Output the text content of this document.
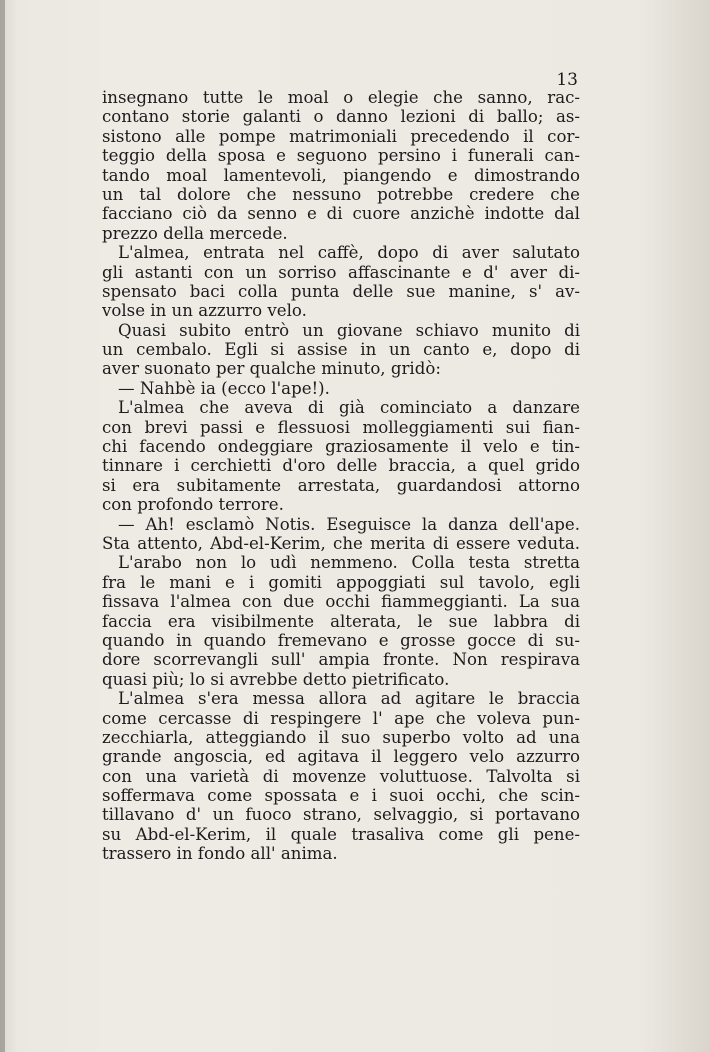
13
insegnano tutte le moal o elegie che sanno, rac-
contano storie galanti o danno lezioni di ballo; as-
sistono alle pompe matrimoniali precedendo il cor-
teggio della sposa e seguono persino i funerali can-
tando moal lamentevoli, piangendo e dimostrando
un tal dolore che nessuno potrebbe credere che
facciano ciò da senno e di cuore anzichè indotte dal
prezzo della mercede.
L'almea, entrata nel caffè, dopo di aver salutato
gli astanti con un sorriso affascinante e d' aver di-
spensato baci colla punta delle sue manine, s' av-
volse in un azzurro velo.
Quasi subito entrò un giovane schiavo munito di
un cembalo. Egli si assise in un canto e, dopo di
aver suonato per qualche minuto, gridò:
— Nahbè ia (ecco l'ape!).
L'almea che aveva di già cominciato a danzare
con brevi passi e flessuosi molleggiamenti sui fian-
chi facendo ondeggiare graziosamente il velo e tin-
tinnare i cerchietti d'oro delle braccia, a quel grido
si era subitamente arrestata, guardandosi attorno
con profondo terrore.
— Ah! esclamò Notis. Eseguisce la danza dell'ape.
Sta attento, Abd-el-Kerim, che merita di essere veduta.
L'arabo non lo udì nemmeno. Colla testa stretta
fra le mani e i gomiti appoggiati sul tavolo, egli
fissava l'almea con due occhi fiammeggianti. La sua
faccia era visibilmente alterata, le sue labbra di
quando in quando fremevano e grosse gocce di su-
dore scorrevangli sull' ampia fronte. Non respirava
quasi più; lo si avrebbe detto pietrificato.
L'almea s'era messa allora ad agitare le braccia
come cercasse di respingere l' ape che voleva pun-
zecchiarla, atteggiando il suo superbo volto ad una
grande angoscia, ed agitava il leggero velo azzurro
con una varietà di movenze voluttuose. Talvolta si
soffermava come spossata e i suoi occhi, che scin-
tillavano d' un fuoco strano, selvaggio, si portavano
su Abd-el-Kerim, il quale trasaliva come gli pene-
trassero in fondo all' anima.
